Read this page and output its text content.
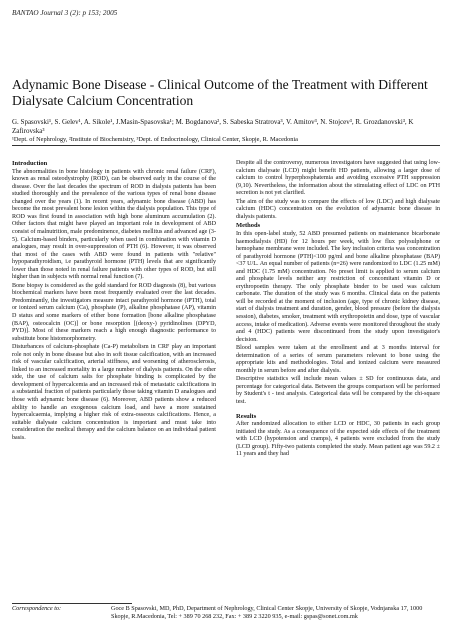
BANTAO Journal 3 (2): p 153; 2005
Adynamic Bone Disease - Clinical Outcome of the Treatment with Different Dialysate Calcium Concentration
G. Spasovski¹, S. Gelev¹, A. Sikole¹, J.Masin-Spasovska¹; M. Bogdanova², S. Sabeska Stratrova³, V. Amitov³, N. Stojcev³, R. Grozdanovski³, K Zafirovska³
¹Dept. of Nephrology, ²Institute of Biochemistry, ³Dept. of Endocrinology, Clinical Center, Skopje, R. Macedonia
Introduction

The abnormalities in bone histology in patients with chronic renal failure (CRF), known as renal osteodystrophy (ROD), can be observed early in the course of the disease. Over the last decades the spectrum of ROD in dialysis patients has been studied thoroughly and the prevalence of the various types of renal bone disease changed over the years (1). In recent years, adynamic bone disease (ABD) has become the most prevalent bone lesion within the dialysis population. This type of ROD was first found in association with high bone aluminum accumulation (2). Other factors that might have played an important role in development of ABD consist of malnutrition, male predominence, diabetes mellitus and advanced age (3-5). Calcium-based binders, particularly when used in combination with vitamin D analogues, may result in over-suppression of PTH (6). However, it was observed that most of the cases with ABD were found in patients with "relative" hypoparathyroidism, i.e parathyroid hormone (PTH) levels that are significantly lower than those noted in renal failure patients with other types of ROD, but still higher than in subjects with normal renal function (7).

Bone biopsy is considered as the gold standard for ROD diagnosis (8), but various biochemical markers have been most frequently evaluated over the last decades. Predominantly, the investigators measure intact parathyroid hormone (iPTH), total or ionized serum calcium (Ca), phosphate (P), alkaline phosphatase (AP), vitamin D status and some markers of either bone formation [bone alkaline phosphatase (BAP), osteocalcin (OC)] or bone resorption [(deoxy-) pyridinolines (DPYD, PYD)]. Most of these markers reach a high enough diagnostic performance to substitute bone histomorphometry.

Disturbances of calcium-phosphate (Ca-P) metabolism in CRF play an important role not only in bone disease but also in soft tissue calcification, with an increased risk of vascular calcification, arterial stiffness, and worsening of atherosclerosis, linked to an increased mortality in a large number of dialysis patients. On the other side, the use of calcium salts for phosphate binding is complicated by the development of hypercalcemia and an increased risk of metastatic calcifications in a substantial fraction of patients particularly those taking vitamin D analogues and those with adynamic bone disease (6). Moreover, ABD patients show a reduced ability to handle an exogenous calcium load, and have a more sustained hypercalcaemia, implying a higher risk of extra-osseous calcifications. Hence, a suitable dialysate calcium concentration is important and must take into consideration the medical therapy and the calcium balance on an individual patient basis.

Despite all the controversy, numerous investigators have suggested that using low-calcium dialysate (LCD) might benefit HD patients, allowing a larger dose of calcium to control hyperphosphatemia and avoiding excessive PTH suppression (9,10). Nevertheless, the information about the stimulating effect of LDC on PTH secretion is not yet clarified.

The aim of the study was to compare the effects of low (LDC) and high dialysate calcium (HDC) concentration on the evolution of adynamic bone disease in dialysis patients.

Methods

In this open-label study, 52 ABD presumed patients on maintenance bicarbonate haemodialysis (HD) for 12 hours per week, with low flux polysulphone or hemophane membrane were included. The key inclusion criteria was concentration of parathyroid hormone (PTH)<100 pg/ml and bone alkaline phosphatase (BAP)<37 U/L. An equal number of patients (n=26) were randomized to LDC (1.25 mM) and HDC (1.75 mM) concentration. No preset limit is applied to serum calcium and phosphate levels neither any restriction of concomitant vitamin D or erythropoetin therapy. The only phosphate binder to be used was calcium carbonate. The duration of the study was 6 months. Clinical data on the patients will be recorded at the moment of inclusion (age, type of chronic kidney disease, start of dialysis treatment and duration, gender, blood pressure (before the dialysis session), diabetes, smoker, treatment with erythropoietin and dose, type of vascular access, intake of medication). Adverse events were monitored throughout the study and 4 (HDC) patients were discontinued from the study upon investigator's decision.

Blood samples were taken at the enrollment and at 3 months interval for determination of a series of serum parameters relevant to bone using the appropriate kits and methodologies. Total and ionized calcium were measured monthly in serum before and after dialysis.

Descriptive statistics will include mean values ± SD for continuous data, and percentage for categorical data. Between the groups comparison will be performed by Student's t - test analysis. Categorical data will be compared by the chi-square test.

Results

After randomized allocation to either LCD or HDC, 30 patients in each group initiated the study. As a consequence of the expected side effects of the treatment with LCD (hypotension and cramps), 4 patients were excluded from the study (LCD group). Fifty-two patients completed the study. Mean patient age was 59.2 ± 11 years and they had

Correspondence to:	Goce B Spasovski, MD, PhD, Department of Nephrology, Clinical Center Skopje, University of Skopje, Vodnjanska 17, 1000 Skopje, R.Macedonia, Tel: + 389 70 268 232, Fax: + 389 2 3220 935, e-mail: gspas@sonet.com.mk
